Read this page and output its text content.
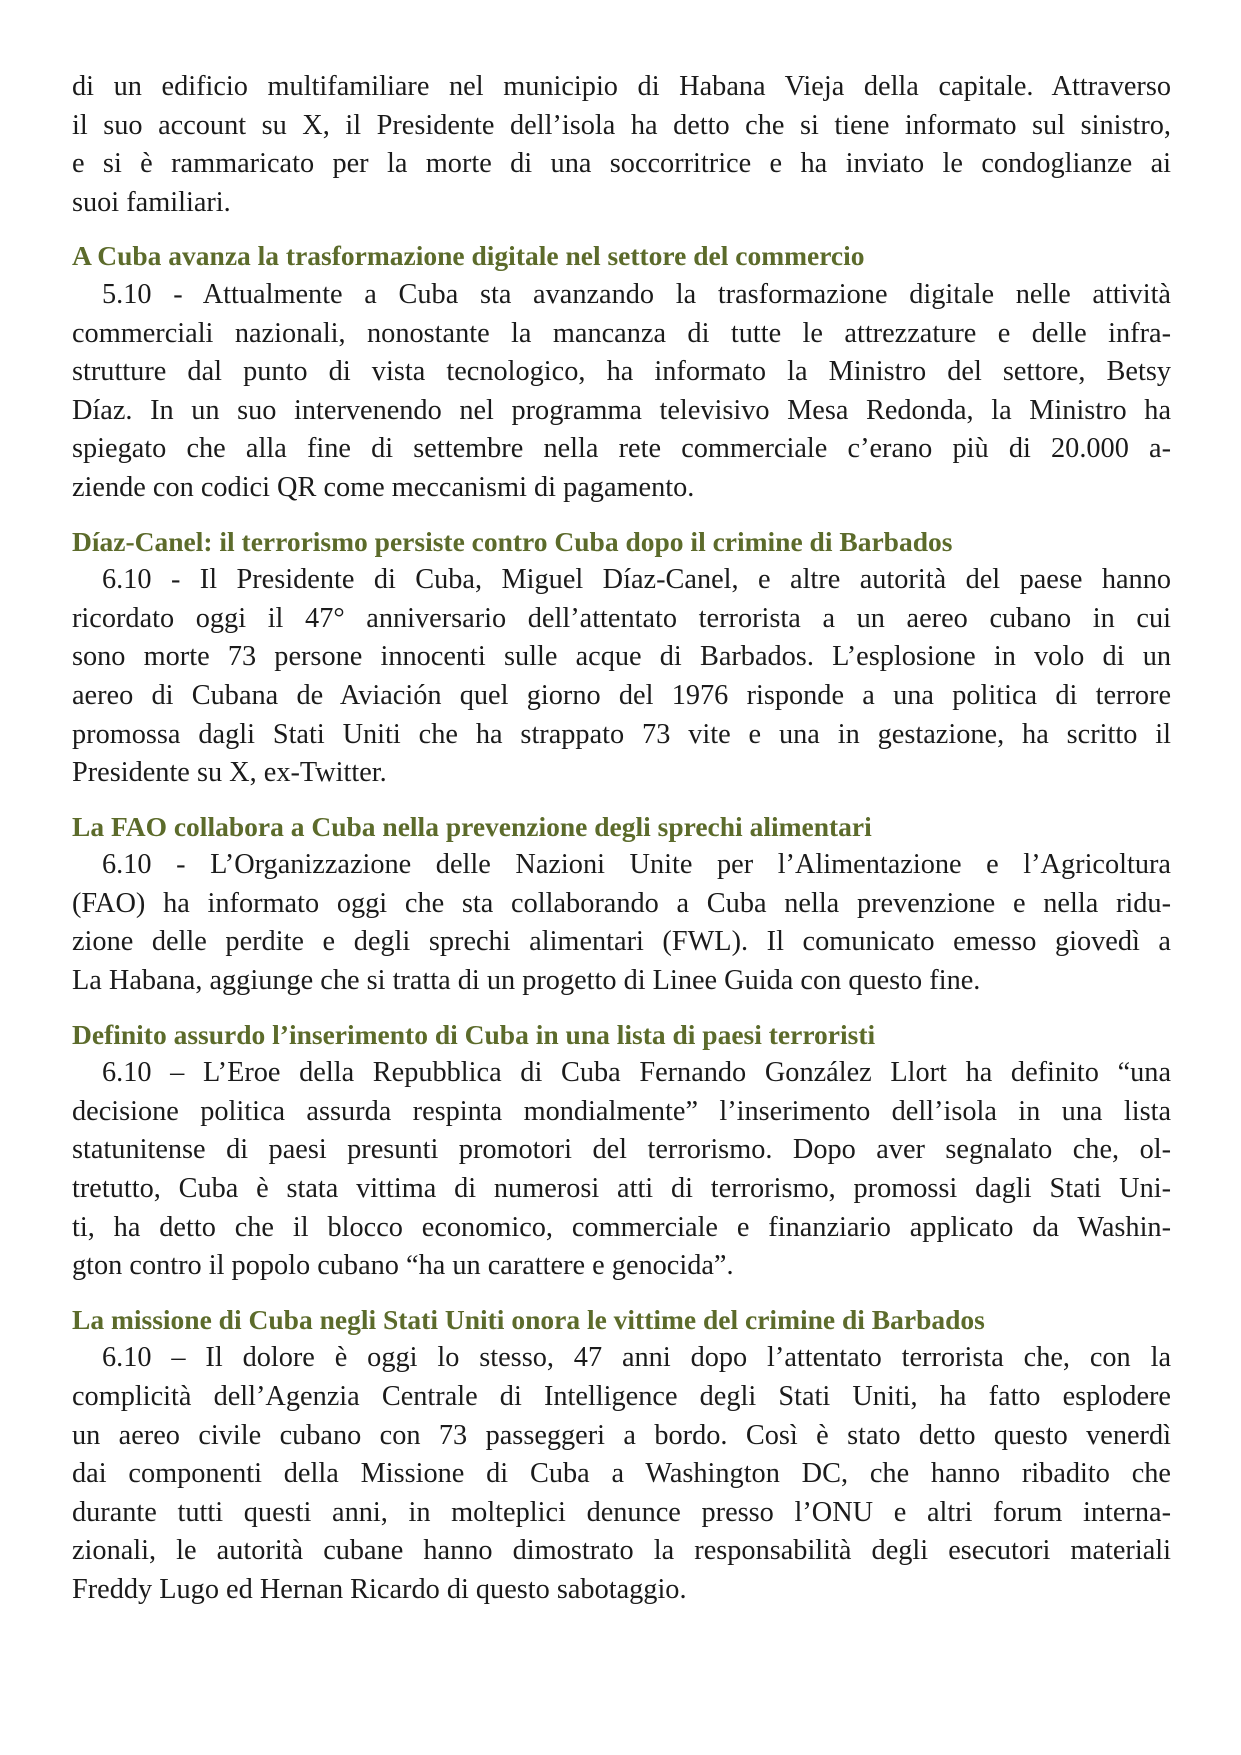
di un edificio multifamiliare nel municipio di Habana Vieja della capitale. Attraverso
il suo account su X, il Presidente dell’isola ha detto che si tiene informato sul sinistro,
e si è rammaricato per la morte di una soccorritrice e ha inviato le condoglianze ai
suoi familiari.

A Cuba avanza la trasformazione digitale nel settore del commercio

5.10 - Attualmente a Cuba sta avanzando la trasformazione digitale nelle attività
commerciali nazionali, nonostante la mancanza di tutte le attrezzature e delle infra-
strutture dal punto di vista tecnologico, ha informato la Ministro del settore, Betsy
Díaz. In un suo intervenendo nel programma televisivo Mesa Redonda, la Ministro ha
spiegato che alla fine di settembre nella rete commerciale c’erano più di 20.000 a-
ziende con codici QR come meccanismi di pagamento.

Díaz-Canel: il terrorismo persiste contro Cuba dopo il crimine di Barbados

6.10 - Il Presidente di Cuba, Miguel Díaz-Canel, e altre autorità del paese hanno
ricordato oggi il 47° anniversario dell’attentato terrorista a un aereo cubano in cui
sono morte 73 persone innocenti sulle acque di Barbados. L’esplosione in volo di un
aereo di Cubana de Aviación quel giorno del 1976 risponde a una politica di terrore
promossa dagli Stati Uniti che ha strappato 73 vite e una in gestazione, ha scritto il
Presidente su X, ex-Twitter.

La FAO collabora a Cuba nella prevenzione degli sprechi alimentari

6.10 - L’Organizzazione delle Nazioni Unite per l’Alimentazione e l’Agricoltura
(FAO) ha informato oggi che sta collaborando a Cuba nella prevenzione e nella ridu-
zione delle perdite e degli sprechi alimentari (FWL). Il comunicato emesso giovedì a
La Habana, aggiunge che si tratta di un progetto di Linee Guida con questo fine.

Definito assurdo l’inserimento di Cuba in una lista di paesi terroristi

6.10 – L’Eroe della Repubblica di Cuba Fernando González Llort ha definito “una
decisione politica assurda respinta mondialmente” l’inserimento dell’isola in una lista
statunitense di paesi presunti promotori del terrorismo. Dopo aver segnalato che, ol-
tretutto, Cuba è stata vittima di numerosi atti di terrorismo, promossi dagli Stati Uni-
ti, ha detto che il blocco economico, commerciale e finanziario applicato da Washin-
gton contro il popolo cubano “ha un carattere e genocida”.

La missione di Cuba negli Stati Uniti onora le vittime del crimine di Barbados

6.10 – Il dolore è oggi lo stesso, 47 anni dopo l’attentato terrorista che, con la
complicità dell’Agenzia Centrale di Intelligence degli Stati Uniti, ha fatto esplodere
un aereo civile cubano con 73 passeggeri a bordo. Così è stato detto questo venerdì
dai componenti della Missione di Cuba a Washington DC, che hanno ribadito che
durante tutti questi anni, in molteplici denunce presso l’ONU e altri forum interna-
zionali, le autorità cubane hanno dimostrato la responsabilità degli esecutori materiali
Freddy Lugo ed Hernan Ricardo di questo sabotaggio.
